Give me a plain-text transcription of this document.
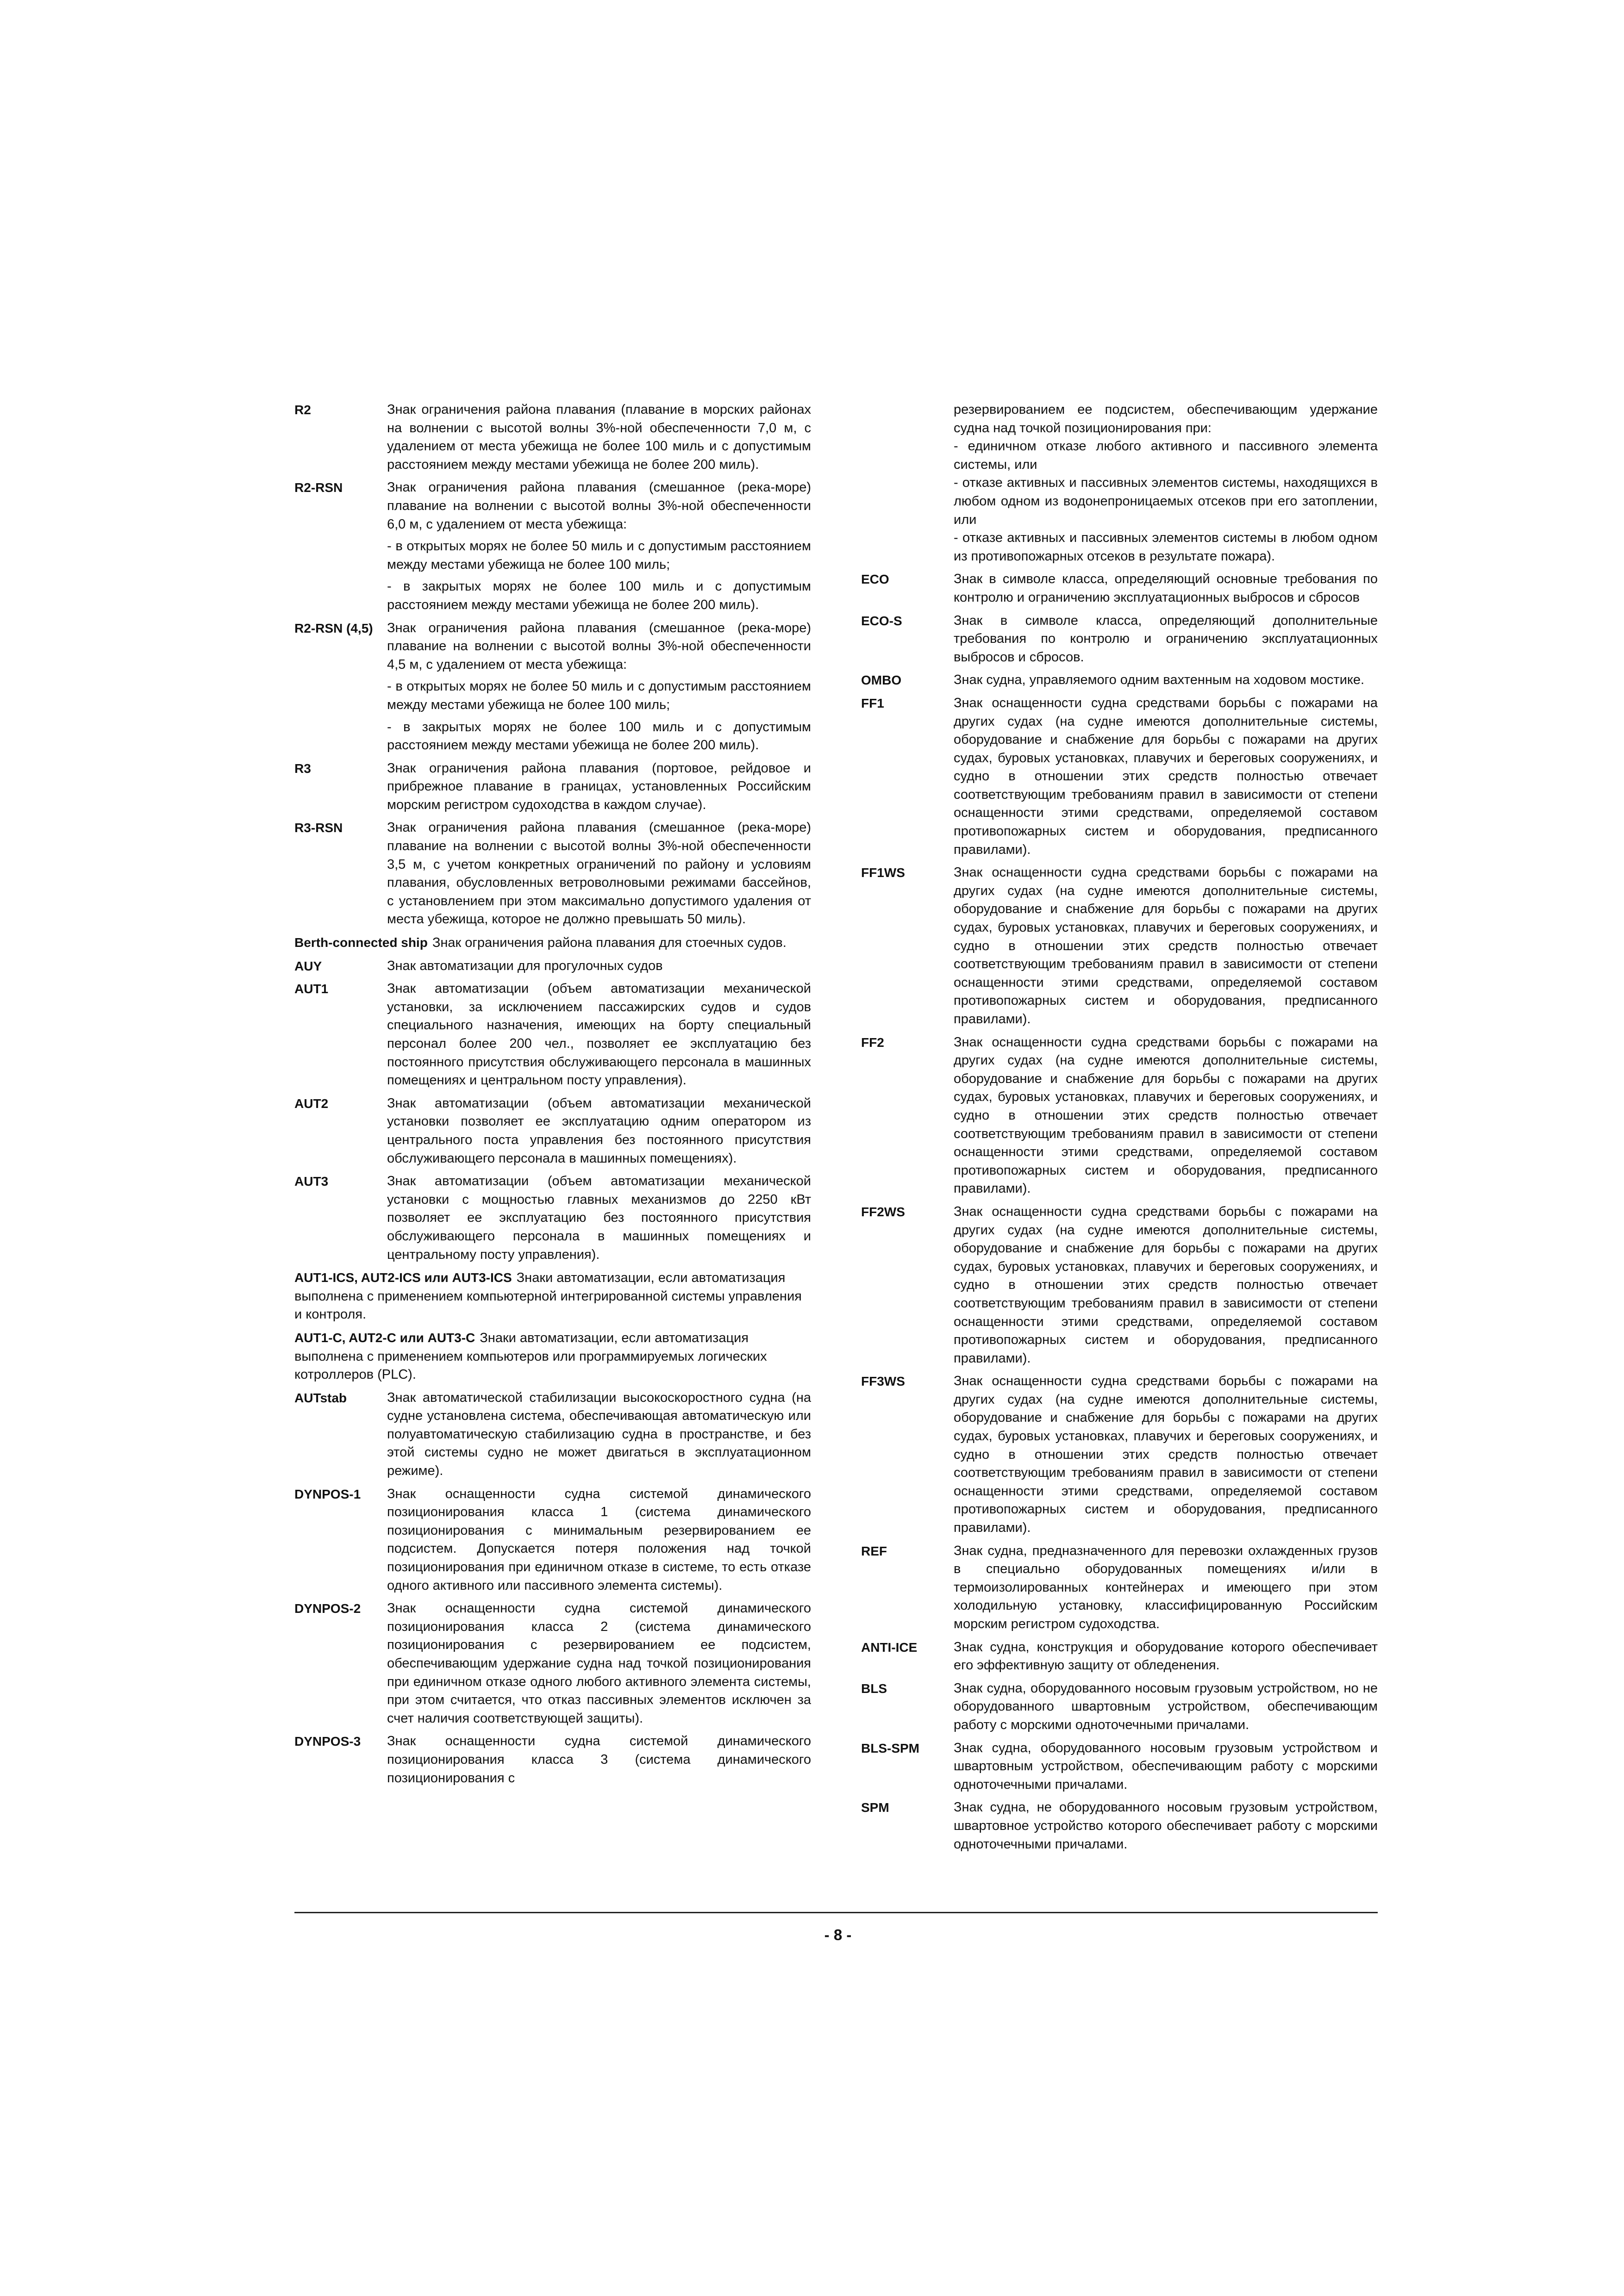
R2	Знак ограничения района плавания (плавание в морских районах на волнении с высотой волны 3%-ной обеспеченности 7,0 м, с удалением от места убежища не более 100 миль и с допустимым расстоянием между местами убежища не более 200 миль).

R2-RSN	Знак ограничения района плавания (смешанное (река-море) плавание на волнении с высотой волны 3%-ной обеспеченности 6,0 м, с удалением от места убежища:

- в открытых морях не более 50 миль и с допустимым расстоянием между местами убежища не более 100 миль;

- в закрытых морях не более 100 миль и с допустимым расстоянием между местами убежища не более 200 миль).

R2-RSN (4,5)	Знак ограничения района плавания (смешанное (река-море) плавание на волнении с высотой волны 3%-ной обеспеченности 4,5 м, с удалением от места убежища:

- в открытых морях не более 50 миль и с допустимым расстоянием между местами убежища не более 100 миль;

- в закрытых морях не более 100 миль и с допустимым расстоянием между местами убежища не более 200 миль).

R3	Знак ограничения района плавания (портовое, рейдовое и прибрежное плавание в границах, установленных Российским морским регистром судоходства в каждом случае).

R3-RSN	Знак ограничения района плавания (смешанное (река-море) плавание на волнении с высотой волны 3%-ной обеспеченности 3,5 м, с учетом конкретных ограничений по району и условиям плавания, обусловленных ветроволновыми режимами бассейнов, с установлением при этом максимально допустимого удаления от места убежища, которое не должно превышать 50 миль).

Berth-connected ship Знак ограничения района плавания для стоечных судов.

AUY	Знак автоматизации для прогулочных судов

AUT1	Знак автоматизации (объем автоматизации механической установки, за исключением пассажирских судов и судов специального назначения, имеющих на борту специальный персонал более 200 чел., позволяет ее эксплуатацию без постоянного присутствия обслуживающего персонала в машинных помещениях и центральном посту управления).

AUT2	Знак автоматизации (объем автоматизации механической установки позволяет ее эксплуатацию одним оператором из центрального поста управления без постоянного присутствия обслуживающего персонала в машинных помещениях).

AUT3	Знак автоматизации (объем автоматизации механической установки с мощностью главных механизмов до 2250 кВт позволяет ее эксплуатацию без постоянного присутствия обслуживающего персонала в машинных помещениях и центральному посту управления).

AUT1-ICS, AUT2-ICS или AUT3-ICS Знаки автоматизации, если автоматизация выполнена с применением компьютерной интегрированной системы управления и контроля.

AUT1-C, AUT2-C или AUT3-C Знаки автоматизации, если автоматизация выполнена с применением компьютеров или программируемых логических котроллеров (PLC).

AUTstab	Знак автоматической стабилизации высокоскоростного судна (на судне установлена система, обеспечивающая автоматическую или полуавтоматическую стабилизацию судна в пространстве, и без этой системы судно не может двигаться в эксплуатационном режиме).

DYNPOS-1	Знак оснащенности судна системой динамического позиционирования класса 1 (система динамического позиционирования с минимальным резервированием ее подсистем. Допускается потеря положения над точкой позиционирования при единичном отказе в системе, то есть отказе одного активного или пассивного элемента системы).

DYNPOS-2	Знак оснащенности судна системой динамического позиционирования класса 2 (система динамического позиционирования с резервированием ее подсистем, обеспечивающим удержание судна над точкой позиционирования при единичном отказе одного любого активного элемента системы, при этом считается, что отказ пассивных элементов исключен за счет наличия соответствующей защиты).

DYNPOS-3	Знак оснащенности судна системой динамического позиционирования класса 3 (система динамического позиционирования с

резервированием ее подсистем, обеспечивающим удержание судна над точкой позиционирования при:

- единичном отказе любого активного и пассивного элемента системы, или

- отказе активных и пассивных элементов системы, находящихся в любом одном из водонепроницаемых отсеков при его затоплении, или

- отказе активных и пассивных элементов системы в любом одном из противопожарных отсеков в результате пожара).

ECO	Знак в символе класса, определяющий основные требования по контролю и ограничению эксплуатационных выбросов и сбросов

ECO-S	Знак в символе класса, определяющий дополнительные требования по контролю и ограничению эксплуатационных выбросов и сбросов.

OMBO	Знак судна, управляемого одним вахтенным на ходовом мостике.

FF1	Знак оснащенности судна средствами борьбы с пожарами на других судах (на судне имеются дополнительные системы, оборудование и снабжение для борьбы с пожарами на других судах, буровых установках, плавучих и береговых сооружениях, и судно в отношении этих средств полностью отвечает соответствующим требованиям правил в зависимости от степени оснащенности этими средствами, определяемой составом противопожарных систем и оборудования, предписанного правилами).

FF1WS	Знак оснащенности судна средствами борьбы с пожарами на других судах (на судне имеются дополнительные системы, оборудование и снабжение для борьбы с пожарами на других судах, буровых установках, плавучих и береговых сооружениях, и судно в отношении этих средств полностью отвечает соответствующим требованиям правил в зависимости от степени оснащенности этими средствами, определяемой составом противопожарных систем и оборудования, предписанного правилами).

FF2	Знак оснащенности судна средствами борьбы с пожарами на других судах (на судне имеются дополнительные системы, оборудование и снабжение для борьбы с пожарами на других судах, буровых установках, плавучих и береговых сооружениях, и судно в отношении этих средств полностью отвечает соответствующим требованиям правил в зависимости от степени оснащенности этими средствами, определяемой составом противопожарных систем и оборудования, предписанного правилами).

FF2WS	Знак оснащенности судна средствами борьбы с пожарами на других судах (на судне имеются дополнительные системы, оборудование и снабжение для борьбы с пожарами на других судах, буровых установках, плавучих и береговых сооружениях, и судно в отношении этих средств полностью отвечает соответствующим требованиям правил в зависимости от степени оснащенности этими средствами, определяемой составом противопожарных систем и оборудования, предписанного правилами).

FF3WS	Знак оснащенности судна средствами борьбы с пожарами на других судах (на судне имеются дополнительные системы, оборудование и снабжение для борьбы с пожарами на других судах, буровых установках, плавучих и береговых сооружениях, и судно в отношении этих средств полностью отвечает соответствующим требованиям правил в зависимости от степени оснащенности этими средствами, определяемой составом противопожарных систем и оборудования, предписанного правилами).

REF	Знак судна, предназначенного для перевозки охлажденных грузов в специально оборудованных помещениях и/или в термоизолированных контейнерах и имеющего при этом холодильную установку, классифицированную Российским морским регистром судоходства.

ANTI-ICE	Знак судна, конструкция и оборудование которого обеспечивает его эффективную защиту от обледенения.

BLS	Знак судна, оборудованного носовым грузовым устройством, но не оборудованного швартовным устройством, обеспечивающим работу с морскими одноточечными причалами.

BLS-SPM	Знак судна, оборудованного носовым грузовым устройством и швартовным устройством, обеспечивающим работу с морскими одноточечными причалами.

SPM	Знак судна, не оборудованного носовым грузовым устройством, швартовное устройство которого обеспечивает работу с морскими одноточечными причалами.

- 8 -
